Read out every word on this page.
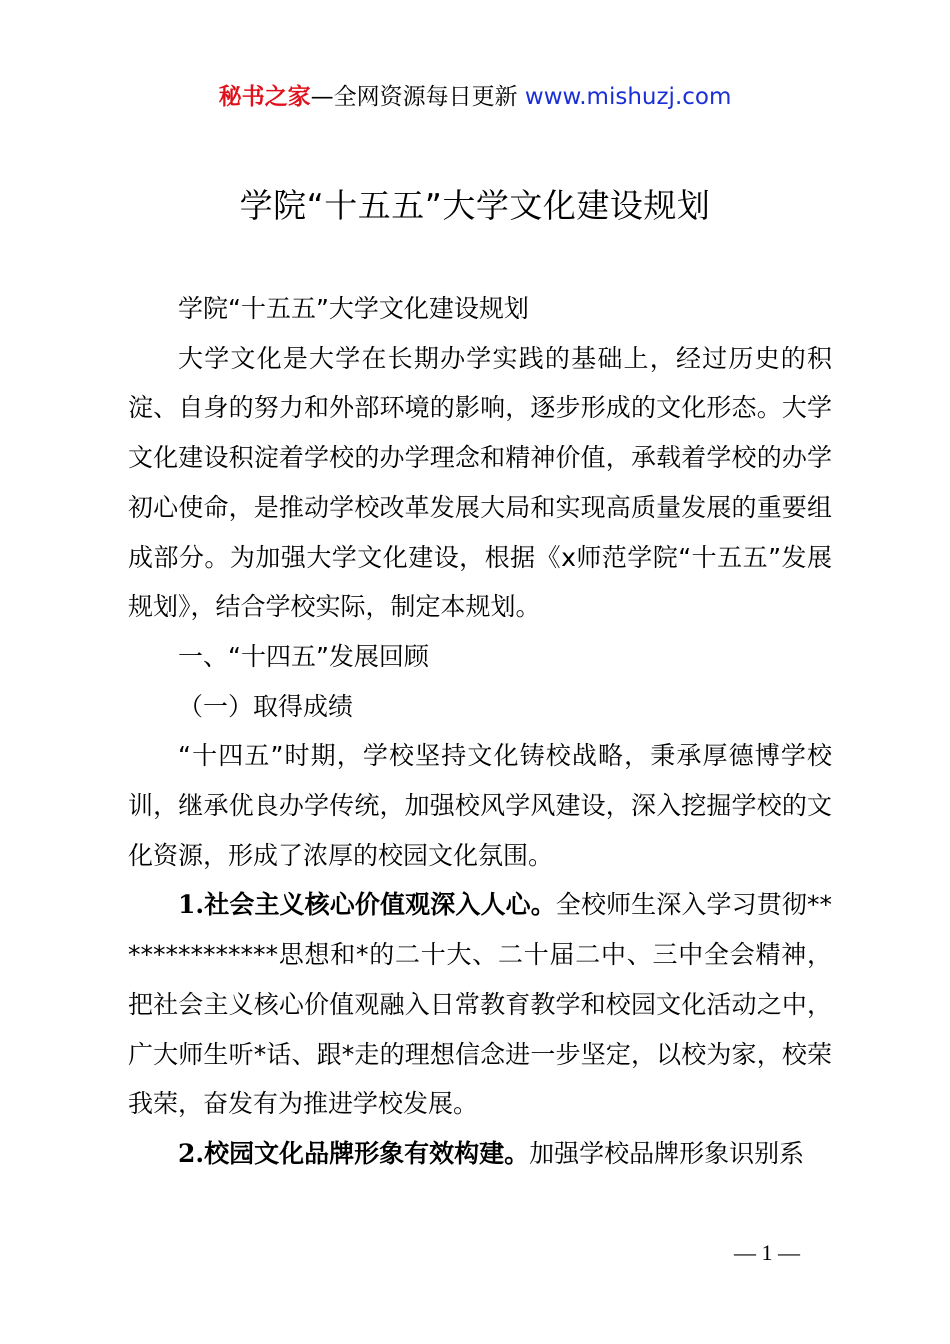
秘书之家—全网资源每日更新 www.mishuzj.com
学院“十五五”大学文化建设规划

学院“十五五”大学文化建设规划

大学文化是大学在长期办学实践的基础上，经过历史的积淀、自身的努力和外部环境的影响，逐步形成的文化形态。大学文化建设积淀着学校的办学理念和精神价值，承载着学校的办学初心使命，是推动学校改革发展大局和实现高质量发展的重要组成部分。为加强大学文化建设，根据《x师范学院“十五五”发展规划》，结合学校实际，制定本规划。

一、“十四五”发展回顾

（一）取得成绩

“十四五”时期，学校坚持文化铸校战略，秉承厚德博学校训，继承优良办学传统，加强校风学风建设，深入挖掘学校的文化资源，形成了浓厚的校园文化氛围。

1.社会主义核心价值观深入人心。全校师生深入学习贯彻**************思想和*的二十大、二十届二中、三中全会精神，把社会主义核心价值观融入日常教育教学和校园文化活动之中，广大师生听*话、跟*走的理想信念进一步坚定，以校为家，校荣我荣，奋发有为推进学校发展。

2.校园文化品牌形象有效构建。加强学校品牌形象识别系

— 1 —
